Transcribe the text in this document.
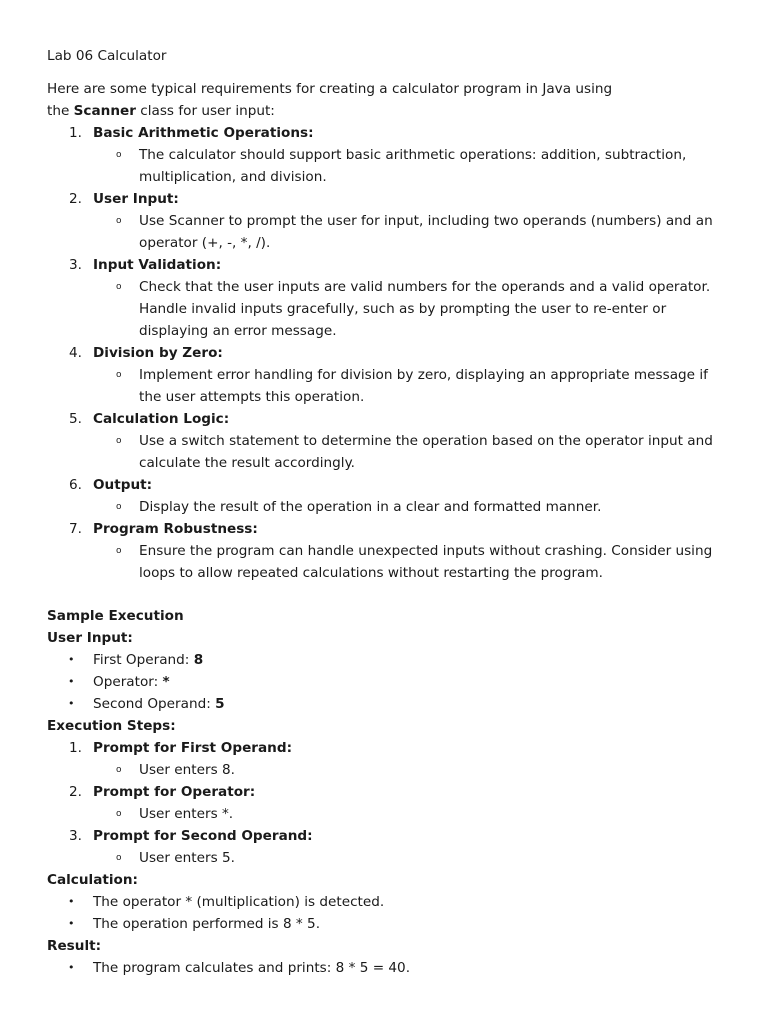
Lab 06 Calculator
Here are some typical requirements for creating a calculator program in Java using
the Scanner class for user input:
1. Basic Arithmetic Operations:
o The calculator should support basic arithmetic operations: addition, subtraction,
multiplication, and division.
2. User Input:
o Use Scanner to prompt the user for input, including two operands (numbers) and an
operator (+, -, *, /).
3. Input Validation:
o Check that the user inputs are valid numbers for the operands and a valid operator.
Handle invalid inputs gracefully, such as by prompting the user to re-enter or
displaying an error message.
4. Division by Zero:
o Implement error handling for division by zero, displaying an appropriate message if
the user attempts this operation.
5. Calculation Logic:
o Use a switch statement to determine the operation based on the operator input and
calculate the result accordingly.
6. Output:
o Display the result of the operation in a clear and formatted manner.
7. Program Robustness:
o Ensure the program can handle unexpected inputs without crashing. Consider using
loops to allow repeated calculations without restarting the program.
Sample Execution
User Input:
• First Operand: 8
• Operator: *
• Second Operand: 5
Execution Steps:
1. Prompt for First Operand:
o User enters 8.
2. Prompt for Operator:
o User enters *.
3. Prompt for Second Operand:
o User enters 5.
Calculation:
• The operator * (multiplication) is detected.
• The operation performed is 8 * 5.
Result:
• The program calculates and prints: 8 * 5 = 40.
